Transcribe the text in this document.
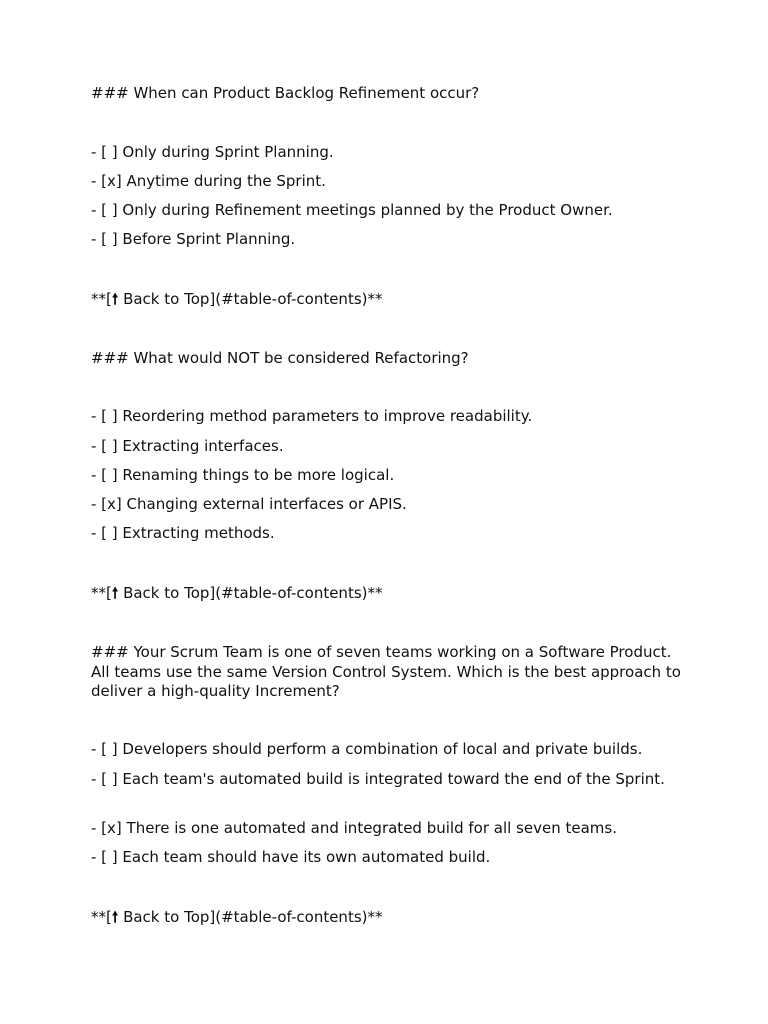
### When can Product Backlog Refinement occur?
- [ ] Only during Sprint Planning.
- [x] Anytime during the Sprint.
- [ ] Only during Refinement meetings planned by the Product Owner.
- [ ] Before Sprint Planning.
**[🠕 Back to Top](#table-of-contents)**
### What would NOT be considered Refactoring?
- [ ] Reordering method parameters to improve readability.
- [ ] Extracting interfaces.
- [ ] Renaming things to be more logical.
- [x] Changing external interfaces or APIS.
- [ ] Extracting methods.
**[🠕 Back to Top](#table-of-contents)**
### Your Scrum Team is one of seven teams working on a Software Product. All teams use the same Version Control System. Which is the best approach to deliver a high-quality Increment?
- [ ] Developers should perform a combination of local and private builds.
- [ ] Each team's automated build is integrated toward the end of the Sprint.
- [x] There is one automated and integrated build for all seven teams.
- [ ] Each team should have its own automated build.
**[🠕 Back to Top](#table-of-contents)**
